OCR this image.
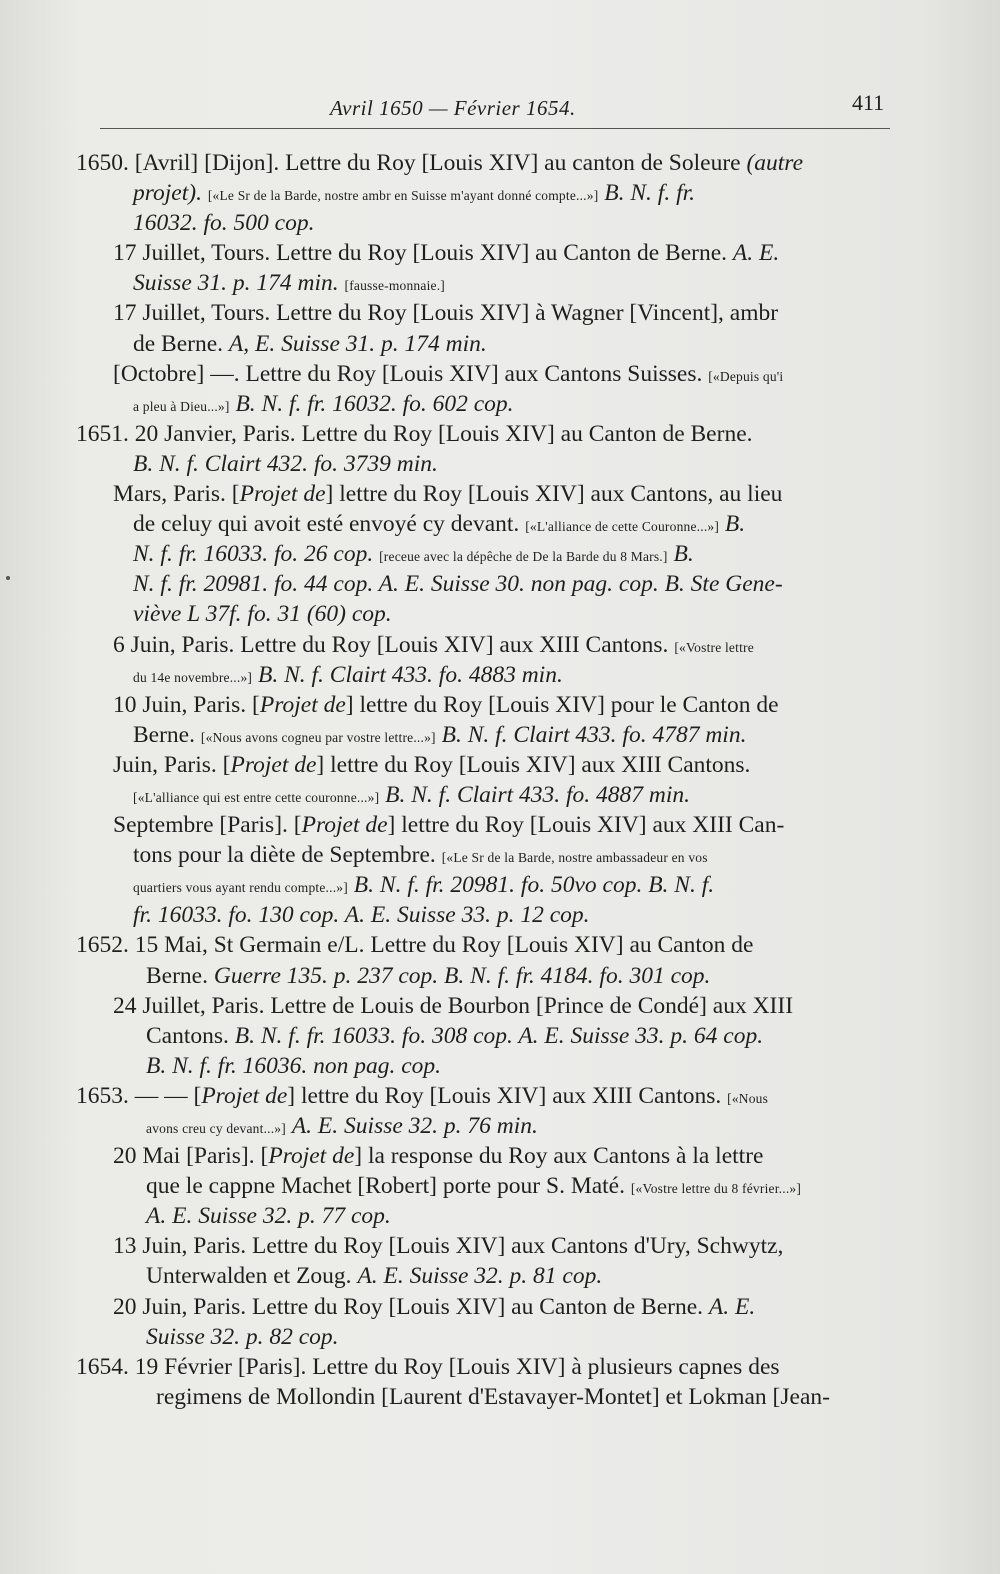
Avril 1650 — Février 1654.	411
1650. [Avril] [Dijon]. Lettre du Roy [Louis XIV] au canton de Soleure (autre
projet). [«Le Sr de la Barde, nostre ambr en Suisse m'ayant donné compte...»] B. N. f. fr.
16032. fo. 500 cop.
17 Juillet, Tours. Lettre du Roy [Louis XIV] au Canton de Berne. A. E.
Suisse 31. p. 174 min. [fausse-monnaie.]
17 Juillet, Tours. Lettre du Roy [Louis XIV] à Wagner [Vincent], ambr
de Berne. A, E. Suisse 31. p. 174 min.
[Octobre] —. Lettre du Roy [Louis XIV] aux Cantons Suisses. [«Depuis qu'i
a pleu à Dieu...»] B. N. f. fr. 16032. fo. 602 cop.
1651. 20 Janvier, Paris. Lettre du Roy [Louis XIV] au Canton de Berne.
B. N. f. Clairt 432. fo. 3739 min.
Mars, Paris. [Projet de] lettre du Roy [Louis XIV] aux Cantons, au lieu
de celuy qui avoit esté envoyé cy devant. [«L'alliance de cette Couronne...»] B.
N. f. fr. 16033. fo. 26 cop. [receue avec la dépêche de De la Barde du 8 Mars.] B.
N. f. fr. 20981. fo. 44 cop. A. E. Suisse 30. non pag. cop. B. Ste Gene-
viève L 37f. fo. 31 (60) cop.
6 Juin, Paris. Lettre du Roy [Louis XIV] aux XIII Cantons. [«Vostre lettre
du 14e novembre...»] B. N. f. Clairt 433. fo. 4883 min.
10 Juin, Paris. [Projet de] lettre du Roy [Louis XIV] pour le Canton de
Berne. [«Nous avons cogneu par vostre lettre...»] B. N. f. Clairt 433. fo. 4787 min.
Juin, Paris. [Projet de] lettre du Roy [Louis XIV] aux XIII Cantons.
[«L'alliance qui est entre cette couronne...»] B. N. f. Clairt 433. fo. 4887 min.
Septembre [Paris]. [Projet de] lettre du Roy [Louis XIV] aux XIII Can-
tons pour la diète de Septembre. [«Le Sr de la Barde, nostre ambassadeur en vos
quartiers vous ayant rendu compte...»] B. N. f. fr. 20981. fo. 50vo cop. B. N. f.
fr. 16033. fo. 130 cop. A. E. Suisse 33. p. 12 cop.
1652. 15 Mai, St Germain e/L. Lettre du Roy [Louis XIV] au Canton de
Berne. Guerre 135. p. 237 cop. B. N. f. fr. 4184. fo. 301 cop.
24 Juillet, Paris. Lettre de Louis de Bourbon [Prince de Condé] aux XIII
Cantons. B. N. f. fr. 16033. fo. 308 cop. A. E. Suisse 33. p. 64 cop.
B. N. f. fr. 16036. non pag. cop.
1653. — — [Projet de] lettre du Roy [Louis XIV] aux XIII Cantons. [«Nous
avons creu cy devant...»] A. E. Suisse 32. p. 76 min.
20 Mai [Paris]. [Projet de] la response du Roy aux Cantons à la lettre
que le cappne Machet [Robert] porte pour S. Maté. [«Vostre lettre du 8 février...»]
A. E. Suisse 32. p. 77 cop.
13 Juin, Paris. Lettre du Roy [Louis XIV] aux Cantons d'Ury, Schwytz,
Unterwalden et Zoug. A. E. Suisse 32. p. 81 cop.
20 Juin, Paris. Lettre du Roy [Louis XIV] au Canton de Berne. A. E.
Suisse 32. p. 82 cop.
1654. 19 Février [Paris]. Lettre du Roy [Louis XIV] à plusieurs capnes des
regimens de Mollondin [Laurent d'Estavayer-Montet] et Lokman [Jean-
